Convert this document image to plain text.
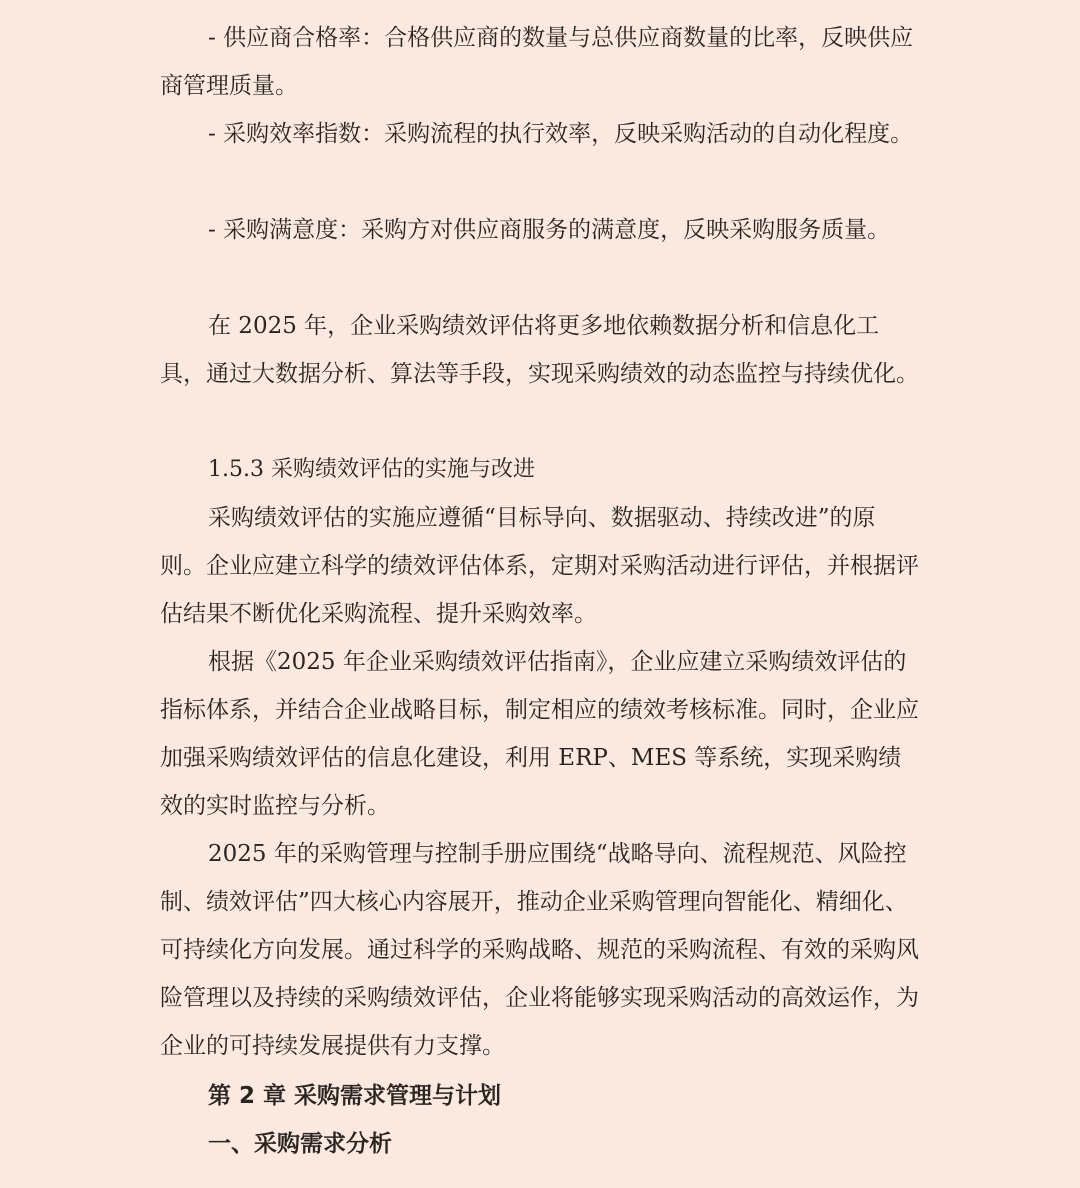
- 供应商合格率：合格供应商的数量与总供应商数量的比率，反映供应商管理质量。

- 采购效率指数：采购流程的执行效率，反映采购活动的自动化程度。

- 采购满意度：采购方对供应商服务的满意度，反映采购服务质量。

在 2025 年，企业采购绩效评估将更多地依赖数据分析和信息化工具，通过大数据分析、算法等手段，实现采购绩效的动态监控与持续优化。

1.5.3 采购绩效评估的实施与改进

采购绩效评估的实施应遵循“目标导向、数据驱动、持续改进”的原则。企业应建立科学的绩效评估体系，定期对采购活动进行评估，并根据评估结果不断优化采购流程、提升采购效率。

根据《2025 年企业采购绩效评估指南》，企业应建立采购绩效评估的指标体系，并结合企业战略目标，制定相应的绩效考核标准。同时，企业应加强采购绩效评估的信息化建设，利用 ERP、MES 等系统，实现采购绩效的实时监控与分析。

2025 年的采购管理与控制手册应围绕“战略导向、流程规范、风险控制、绩效评估”四大核心内容展开，推动企业采购管理向智能化、精细化、可持续化方向发展。通过科学的采购战略、规范的采购流程、有效的采购风险管理以及持续的采购绩效评估，企业将能够实现采购活动的高效运作，为企业的可持续发展提供有力支撑。

第 2 章 采购需求管理与计划

一、采购需求分析
